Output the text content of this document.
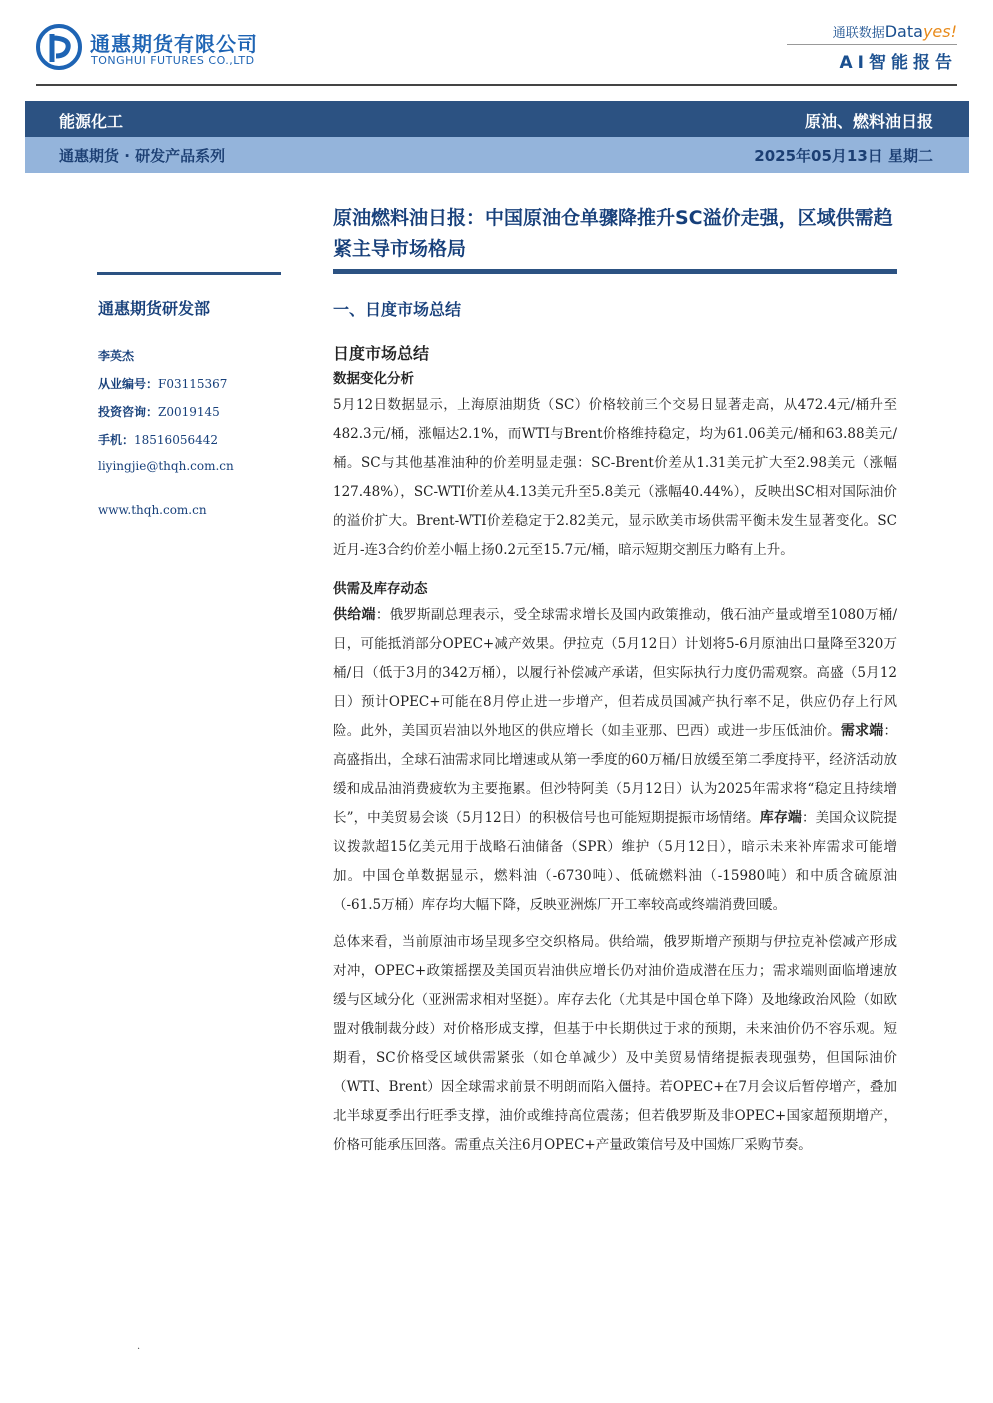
通惠期货有限公司
TONGHUI FUTURES CO.,LTD
通联数据Datayes!
AI智能报告
能源化工	原油、燃料油日报
通惠期货 · 研发产品系列	2025年05月13日 星期二
原油燃料油日报：中国原油仓单骤降推升SC溢价走强，区域供需趋紧主导市场格局
通惠期货研发部
李英杰
从业编号：F03115367
投资咨询：Z0019145
手机：18516056442
liyingjie@thqh.com.cn
www.thqh.com.cn
一、日度市场总结
日度市场总结
数据变化分析

5月12日数据显示，上海原油期货（SC）价格较前三个交易日显著走高，从472.4元/桶升至482.3元/桶，涨幅达2.1%，而WTI与Brent价格维持稳定，均为61.06美元/桶和63.88美元/桶。SC与其他基准油种的价差明显走强：SC-Brent价差从1.31美元扩大至2.98美元（涨幅127.48%），SC-WTI价差从4.13美元升至5.8美元（涨幅40.44%），反映出SC相对国际油价的溢价扩大。Brent-WTI价差稳定于2.82美元，显示欧美市场供需平衡未发生显著变化。SC近月-连3合约价差小幅上扬0.2元至15.7元/桶，暗示短期交割压力略有上升。

供需及库存动态

供给端：俄罗斯副总理表示，受全球需求增长及国内政策推动，俄石油产量或增至1080万桶/日，可能抵消部分OPEC+减产效果。伊拉克（5月12日）计划将5-6月原油出口量降至320万桶/日（低于3月的342万桶），以履行补偿减产承诺，但实际执行力度仍需观察。高盛（5月12日）预计OPEC+可能在8月停止进一步增产，但若成员国减产执行率不足，供应仍存上行风险。此外，美国页岩油以外地区的供应增长（如圭亚那、巴西）或进一步压低油价。需求端：高盛指出，全球石油需求同比增速或从第一季度的60万桶/日放缓至第二季度持平，经济活动放缓和成品油消费疲软为主要拖累。但沙特阿美（5月12日）认为2025年需求将“稳定且持续增长”，中美贸易会谈（5月12日）的积极信号也可能短期提振市场情绪。库存端：美国众议院提议拨款超15亿美元用于战略石油储备（SPR）维护（5月12日），暗示未来补库需求可能增加。中国仓单数据显示，燃料油（-6730吨）、低硫燃料油（-15980吨）和中质含硫原油（-61.5万桶）库存均大幅下降，反映亚洲炼厂开工率较高或终端消费回暖。

总体来看，当前原油市场呈现多空交织格局。供给端，俄罗斯增产预期与伊拉克补偿减产形成对冲，OPEC+政策摇摆及美国页岩油供应增长仍对油价造成潜在压力；需求端则面临增速放缓与区域分化（亚洲需求相对坚挺）。库存去化（尤其是中国仓单下降）及地缘政治风险（如欧盟对俄制裁分歧）对价格形成支撑，但基于中长期供过于求的预期，未来油价仍不容乐观。短期看，SC价格受区域供需紧张（如仓单减少）及中美贸易情绪提振表现强势，但国际油价（WTI、Brent）因全球需求前景不明朗而陷入僵持。若OPEC+在7月会议后暂停增产，叠加北半球夏季出行旺季支撑，油价或维持高位震荡；但若俄罗斯及非OPEC+国家超预期增产，价格可能承压回落。需重点关注6月OPEC+产量政策信号及中国炼厂采购节奏。

·
